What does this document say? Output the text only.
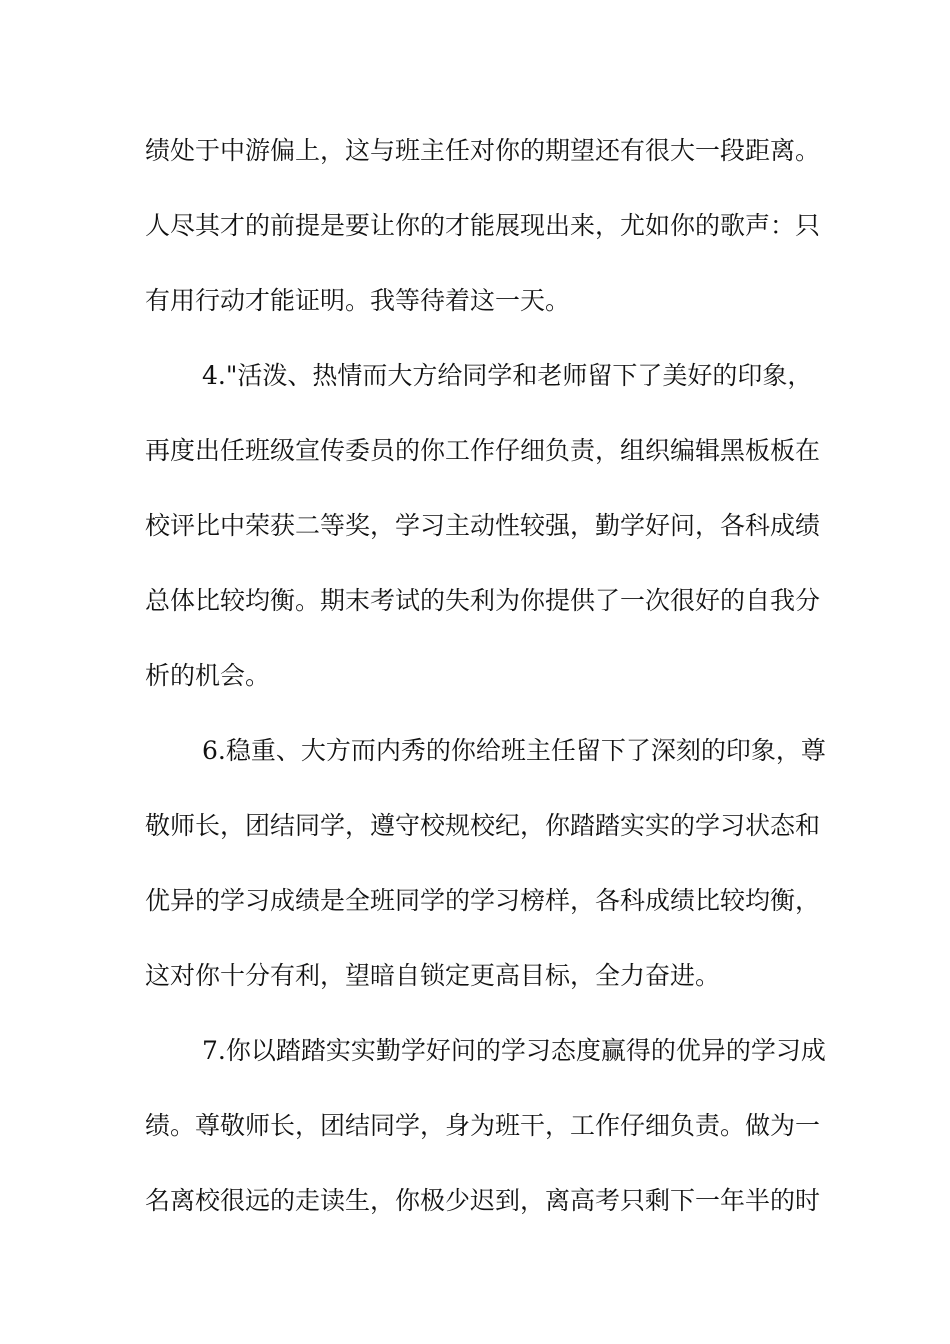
绩处于中游偏上，这与班主任对你的期望还有很大一段距离。
人尽其才的前提是要让你的才能展现出来，尤如你的歌声：只
有用行动才能证明。我等待着这一天。
4."活泼、热情而大方给同学和老师留下了美好的印象，
再度出任班级宣传委员的你工作仔细负责，组织编辑黑板板在
校评比中荣获二等奖，学习主动性较强，勤学好问，各科成绩
总体比较均衡。期末考试的失利为你提供了一次很好的自我分
析的机会。
6.稳重、大方而内秀的你给班主任留下了深刻的印象，尊
敬师长，团结同学，遵守校规校纪，你踏踏实实的学习状态和
优异的学习成绩是全班同学的学习榜样，各科成绩比较均衡，
这对你十分有利，望暗自锁定更高目标，全力奋进。
7.你以踏踏实实勤学好问的学习态度赢得的优异的学习成
绩。尊敬师长，团结同学，身为班干，工作仔细负责。做为一
名离校很远的走读生，你极少迟到，离高考只剩下一年半的时
